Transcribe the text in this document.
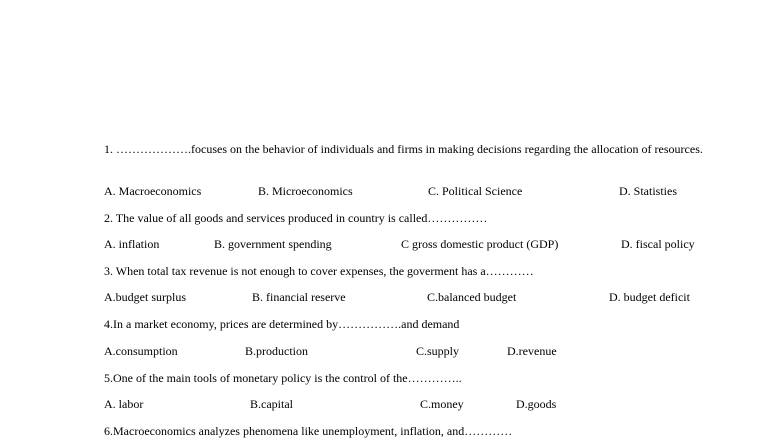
1. ……………….focuses on the behavior of individuals and firms in making decisions regarding the allocation of resources.
A. Macroeconomics	B. Microeconomics	C. Political Science	D. Statisties
2. The value of all goods and services produced in country is called……………
A. inflation	B. government spending	C gross domestic product (GDP)	D. fiscal policy
3. When total tax revenue is not enough to cover expenses, the goverment has a…………
A.budget surplus	B. financial reserve	C.balanced budget	D. budget deficit
4.In a market economy, prices are determined by…………….and demand
A.consumption	B.production	C.supply	D.revenue
5.One of the main tools of monetary policy is the control of the…………..
A. labor	B.capital	C.money	D.goods
6.Macroeconomics analyzes phenomena like unemployment, inflation, and…………
